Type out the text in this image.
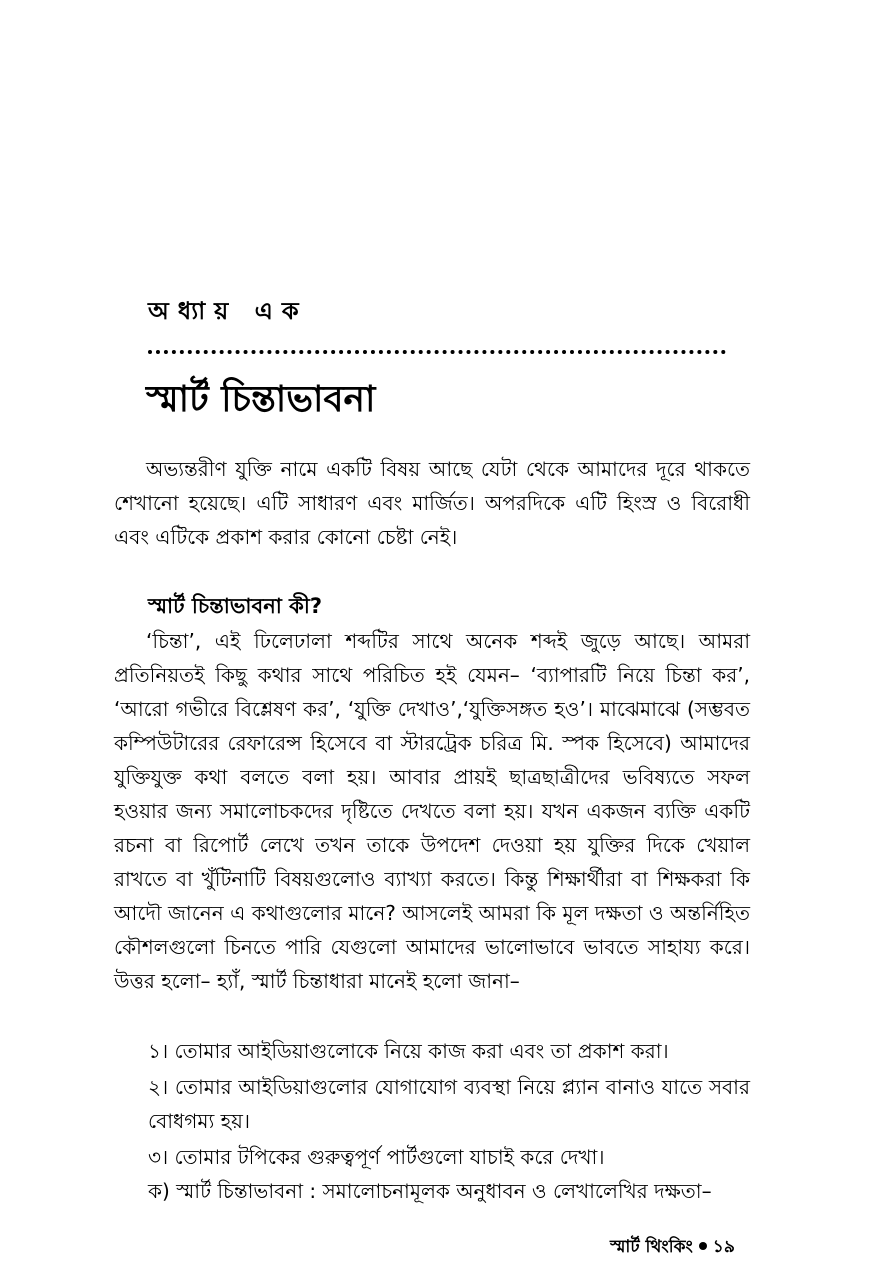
অধ্যায় এক
স্মার্ট চিন্তাভাবনা

অভ্যন্তরীণ যুক্তি নামে একটি বিষয় আছে যেটা থেকে আমাদের দূরে থাকতে শেখানো হয়েছে। এটি সাধারণ এবং মার্জিত। অপরদিকে এটি হিংস্র ও বিরোধী এবং এটিকে প্রকাশ করার কোনো চেষ্টা নেই।

স্মার্ট চিন্তাভাবনা কী?

‘চিন্তা’, এই ঢিলেঢালা শব্দটির সাথে অনেক শব্দই জুড়ে আছে। আমরা প্রতিনিয়তই কিছু কথার সাথে পরিচিত হই যেমন– ‘ব্যাপারটি নিয়ে চিন্তা কর’, ‘আরো গভীরে বিশ্লেষণ কর’, ‘যুক্তি দেখাও’,‘যুক্তিসঙ্গত হও’। মাঝেমাঝে (সম্ভবত কম্পিউটারের রেফারেন্স হিসেবে বা স্টারট্রেক চরিত্র মি. স্পক হিসেবে) আমাদের যুক্তিযুক্ত কথা বলতে বলা হয়। আবার প্রায়ই ছাত্রছাত্রীদের ভবিষ্যতে সফল হওয়ার জন্য সমালোচকদের দৃষ্টিতে দেখতে বলা হয়। যখন একজন ব্যক্তি একটি রচনা বা রিপোর্ট লেখে তখন তাকে উপদেশ দেওয়া হয় যুক্তির দিকে খেয়াল রাখতে বা খুঁটিনাটি বিষয়গুলোও ব্যাখ্যা করতে। কিন্তু শিক্ষার্থীরা বা শিক্ষকরা কি আদৌ জানেন এ কথাগুলোর মানে? আসলেই আমরা কি মূল দক্ষতা ও অন্তর্নিহিত কৌশলগুলো চিনতে পারি যেগুলো আমাদের ভালোভাবে ভাবতে সাহায্য করে। উত্তর হলো– হ্যাঁ, স্মার্ট চিন্তাধারা মানেই হলো জানা–

১। তোমার আইডিয়াগুলোকে নিয়ে কাজ করা এবং তা প্রকাশ করা।
২। তোমার আইডিয়াগুলোর যোগাযোগ ব্যবস্থা নিয়ে প্ল্যান বানাও যাতে সবার বোধগম্য হয়।
৩। তোমার টপিকের গুরুত্বপূর্ণ পার্টগুলো যাচাই করে দেখা।
ক) স্মার্ট চিন্তাভাবনা : সমালোচনামূলক অনুধাবন ও লেখালেখির দক্ষতা–
স্মার্ট থিংকিং ১৯
